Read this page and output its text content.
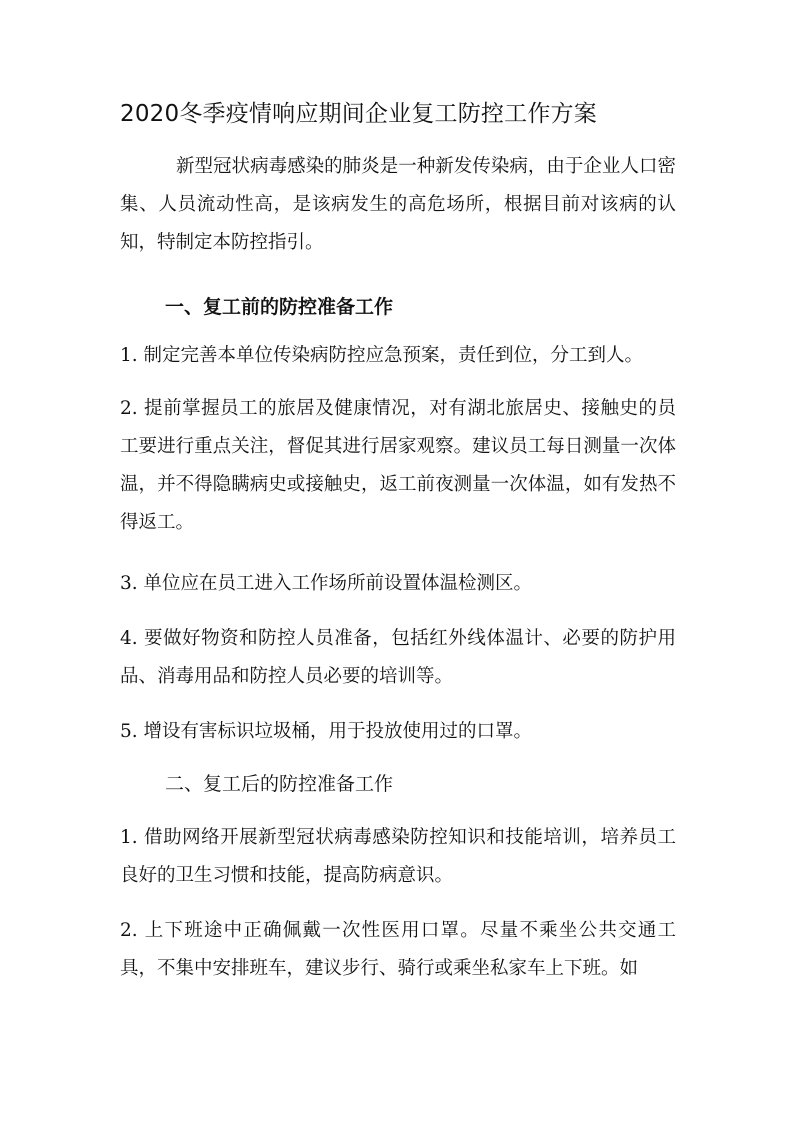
2020冬季疫情响应期间企业复工防控工作方案
新型冠状病毒感染的肺炎是一种新发传染病，由于企业人口密集、人员流动性高，是该病发生的高危场所，根据目前对该病的认知，特制定本防控指引。
一、复工前的防控准备工作
1. 制定完善本单位传染病防控应急预案，责任到位，分工到人。
2. 提前掌握员工的旅居及健康情况，对有湖北旅居史、接触史的员工要进行重点关注，督促其进行居家观察。建议员工每日测量一次体温，并不得隐瞒病史或接触史，返工前夜测量一次体温，如有发热不得返工。
3. 单位应在员工进入工作场所前设置体温检测区。
4. 要做好物资和防控人员准备，包括红外线体温计、必要的防护用品、消毒用品和防控人员必要的培训等。
5. 增设有害标识垃圾桶，用于投放使用过的口罩。
二、复工后的防控准备工作
1. 借助网络开展新型冠状病毒感染防控知识和技能培训，培养员工良好的卫生习惯和技能，提高防病意识。
2. 上下班途中正确佩戴一次性医用口罩。尽量不乘坐公共交通工具，不集中安排班车，建议步行、骑行或乘坐私家车上下班。如
